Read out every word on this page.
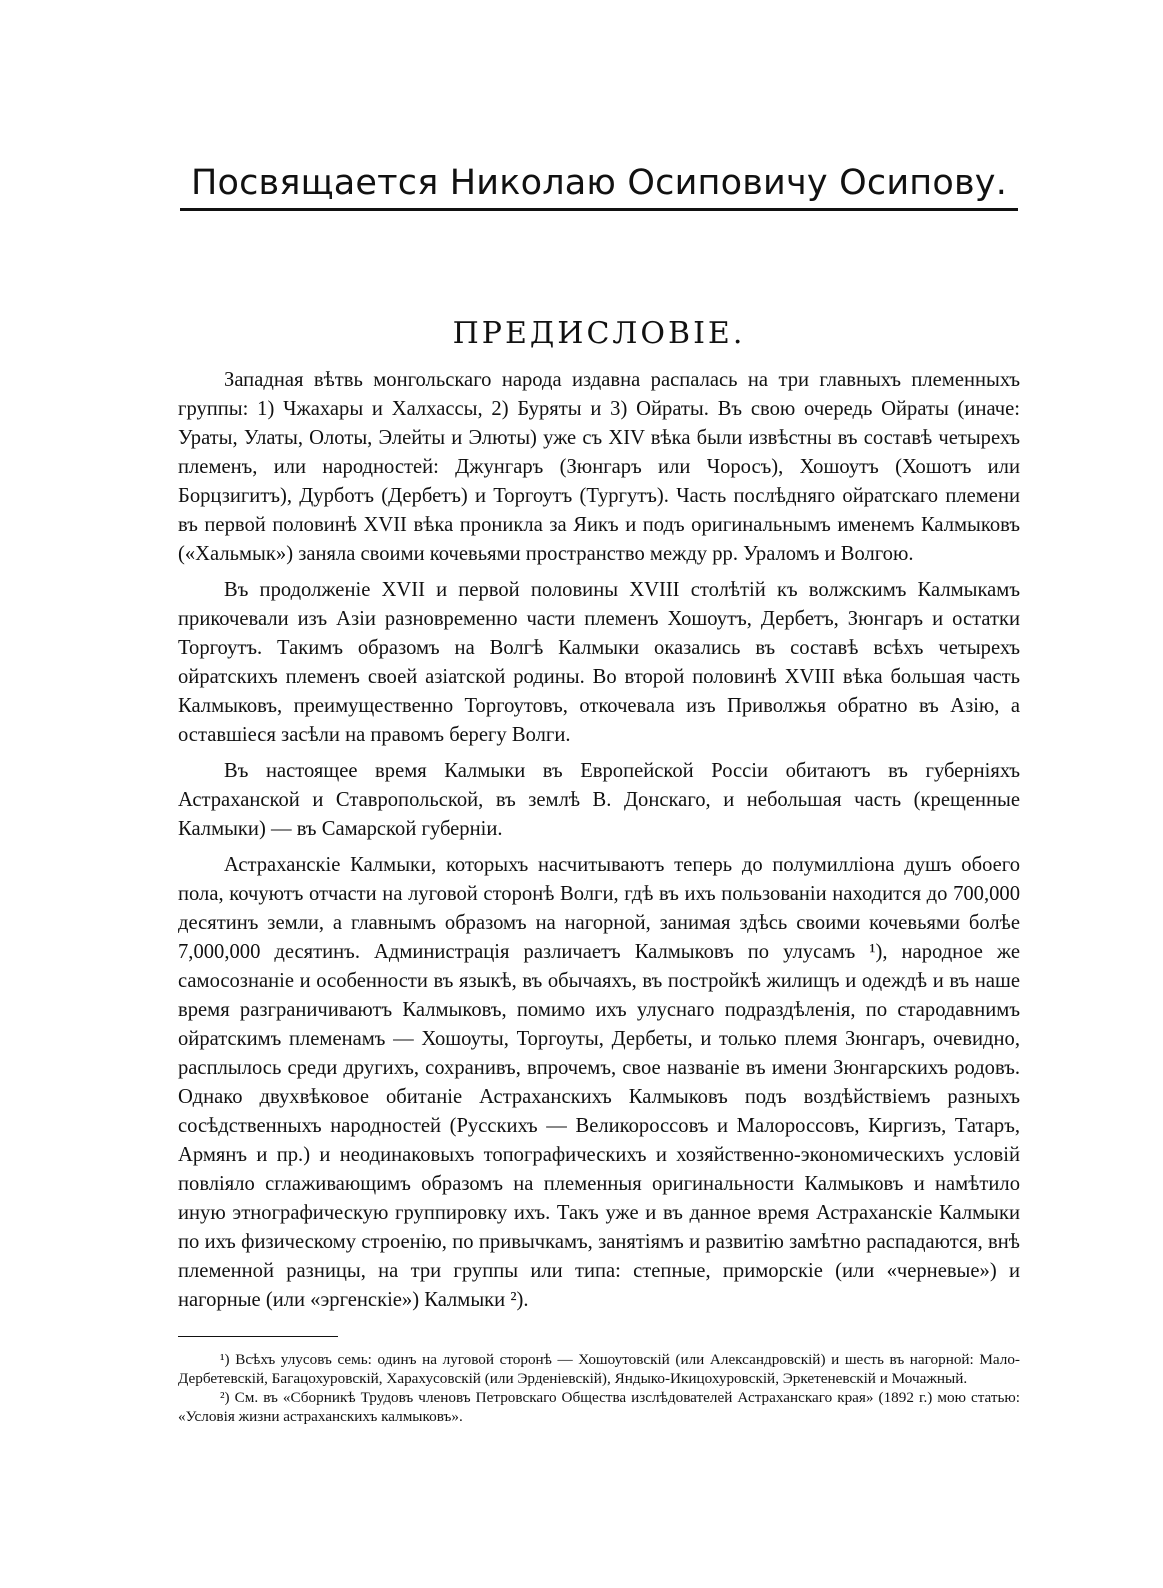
Посвящается Николаю Осиповичу Осипову.
ПРЕДИСЛОВІЕ.

Западная вѣтвь монгольскаго народа издавна распалась на три главныхъ племенныхъ группы: 1) Чжахары и Халхассы, 2) Буряты и 3) Ойраты. Въ свою очередь Ойраты (иначе: Ураты, Улаты, Олоты, Элейты и Элюты) уже съ XIV вѣка были извѣстны въ составѣ четырехъ племенъ, или народностей: Джунгаръ (Зюнгаръ или Чоросъ), Хошоутъ (Хошотъ или Борцзигитъ), Дурботъ (Дербетъ) и Торгоутъ (Тургутъ). Часть послѣдняго ойратскаго племени въ первой половинѣ XVII вѣка проникла за Яикъ и подъ оригинальнымъ именемъ Калмыковъ («Хальмык») заняла своими кочевьями пространство между рр. Ураломъ и Волгою.

Въ продолженіе XVII и первой половины XVIII столѣтій къ волжскимъ Калмыкамъ прикочевали изъ Азіи разновременно части племенъ Хошоутъ, Дербетъ, Зюнгаръ и остатки Торгоутъ. Такимъ образомъ на Волгѣ Калмыки оказались въ составѣ всѣхъ четырехъ ойратскихъ племенъ своей азіатской родины. Во второй половинѣ XVIII вѣка большая часть Калмыковъ, преимущественно Торгоутовъ, откочевала изъ Приволжья обратно въ Азію, а оставшіеся засѣли на правомъ берегу Волги.

Въ настоящее время Калмыки въ Европейской Россіи обитаютъ въ губерніяхъ Астраханской и Ставропольской, въ землѣ В. Донскаго, и небольшая часть (крещенные Калмыки) — въ Самарской губерніи.

Астраханскіе Калмыки, которыхъ насчитываютъ теперь до полумилліона душъ обоего пола, кочуютъ отчасти на луговой сторонѣ Волги, гдѣ въ ихъ пользованіи находится до 700,000 десятинъ земли, а главнымъ образомъ на нагорной, занимая здѣсь своими кочевьями болѣе 7,000,000 десятинъ. Администрація различаетъ Калмыковъ по улусамъ ¹), народное же самосознаніе и особенности въ языкѣ, въ обычаяхъ, въ постройкѣ жилищъ и одеждѣ и въ наше время разграничиваютъ Калмыковъ, помимо ихъ улуснаго подраздѣленія, по стародавнимъ ойратскимъ племенамъ — Хошоуты, Торгоуты, Дербеты, и только племя Зюнгаръ, очевидно, расплылось среди другихъ, сохранивъ, впрочемъ, свое названіе въ имени Зюнгарскихъ родовъ. Однако двухвѣковое обитаніе Астраханскихъ Калмыковъ подъ воздѣйствіемъ разныхъ сосѣдственныхъ народностей (Русскихъ — Великороссовъ и Малороссовъ, Киргизъ, Татаръ, Армянъ и пр.) и неодинаковыхъ топографическихъ и хозяйственно-экономическихъ условій повліяло сглаживающимъ образомъ на племенныя оригинальности Калмыковъ и намѣтило иную этнографическую группировку ихъ. Такъ уже и въ данное время Астраханскіе Калмыки по ихъ физическому строенію, по привычкамъ, занятіямъ и развитію замѣтно распадаются, внѣ племенной разницы, на три группы или типа: степные, приморскіе (или «черневые») и нагорные (или «эргенскіе») Калмыки ²).

¹) Всѣхъ улусовъ семь: одинъ на луговой сторонѣ — Хошоутовскій (или Александровскій) и шесть въ нагорной: Мало-Дербетевскій, Багацохуровскій, Харахусовскій (или Эрденіевскій), Яндыко-Икицохуровскій, Эркетеневскій и Мочажный.

²) См. въ «Сборникѣ Трудовъ членовъ Петровскаго Общества изслѣдователей Астраханскаго края» (1892 г.) мою статью: «Условія жизни астраханскихъ калмыковъ».
